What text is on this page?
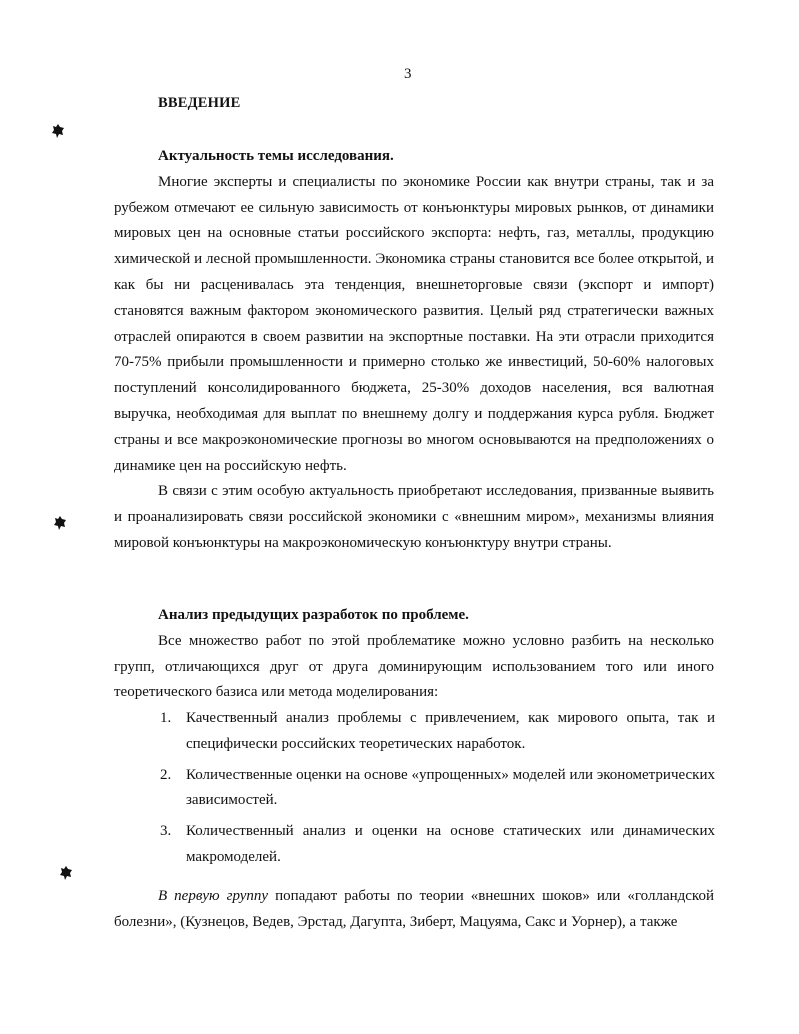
3
ВВЕДЕНИЕ
Актуальность темы исследования.

Многие эксперты и специалисты по экономике России как внутри страны, так и за рубежом отмечают ее сильную зависимость от конъюнктуры мировых рынков, от динамики мировых цен на основные статьи российского экспорта: нефть, газ, металлы, продукцию химической и лесной промышленности. Экономика страны становится все более открытой, и как бы ни расценивалась эта тенденция, внешнеторговые связи (экспорт и импорт) становятся важным фактором экономического развития. Целый ряд стратегически важных отраслей опираются в своем развитии на экспортные поставки. На эти отрасли приходится 70-75% прибыли промышленности и примерно столько же инвестиций, 50-60% налоговых поступлений консолидированного бюджета, 25-30% доходов населения, вся валютная выручка, необходимая для выплат по внешнему долгу и поддержания курса рубля. Бюджет страны и все макроэкономические прогнозы во многом основываются на предположениях о динамике цен на российскую нефть.

В связи с этим особую актуальность приобретают исследования, призванные выявить и проанализировать связи российской экономики с «внешним миром», механизмы влияния мировой конъюнктуры на макроэкономическую конъюнктуру внутри страны.

Анализ предыдущих разработок по проблеме.

Все множество работ по этой проблематике можно условно разбить на несколько групп, отличающихся друг от друга доминирующим использованием того или иного теоретического базиса или метода моделирования:

1. Качественный анализ проблемы с привлечением, как мирового опыта, так и специфически российских теоретических наработок.
2. Количественные оценки на основе «упрощенных» моделей или эконометрических зависимостей.
3. Количественный анализ и оценки на основе статических или динамических макромоделей.

В первую группу попадают работы по теории «внешних шоков» или «голландской болезни», (Кузнецов, Ведев, Эрстад, Дагупта, Зиберт, Мацуяма, Сакс и Уорнер), а также
